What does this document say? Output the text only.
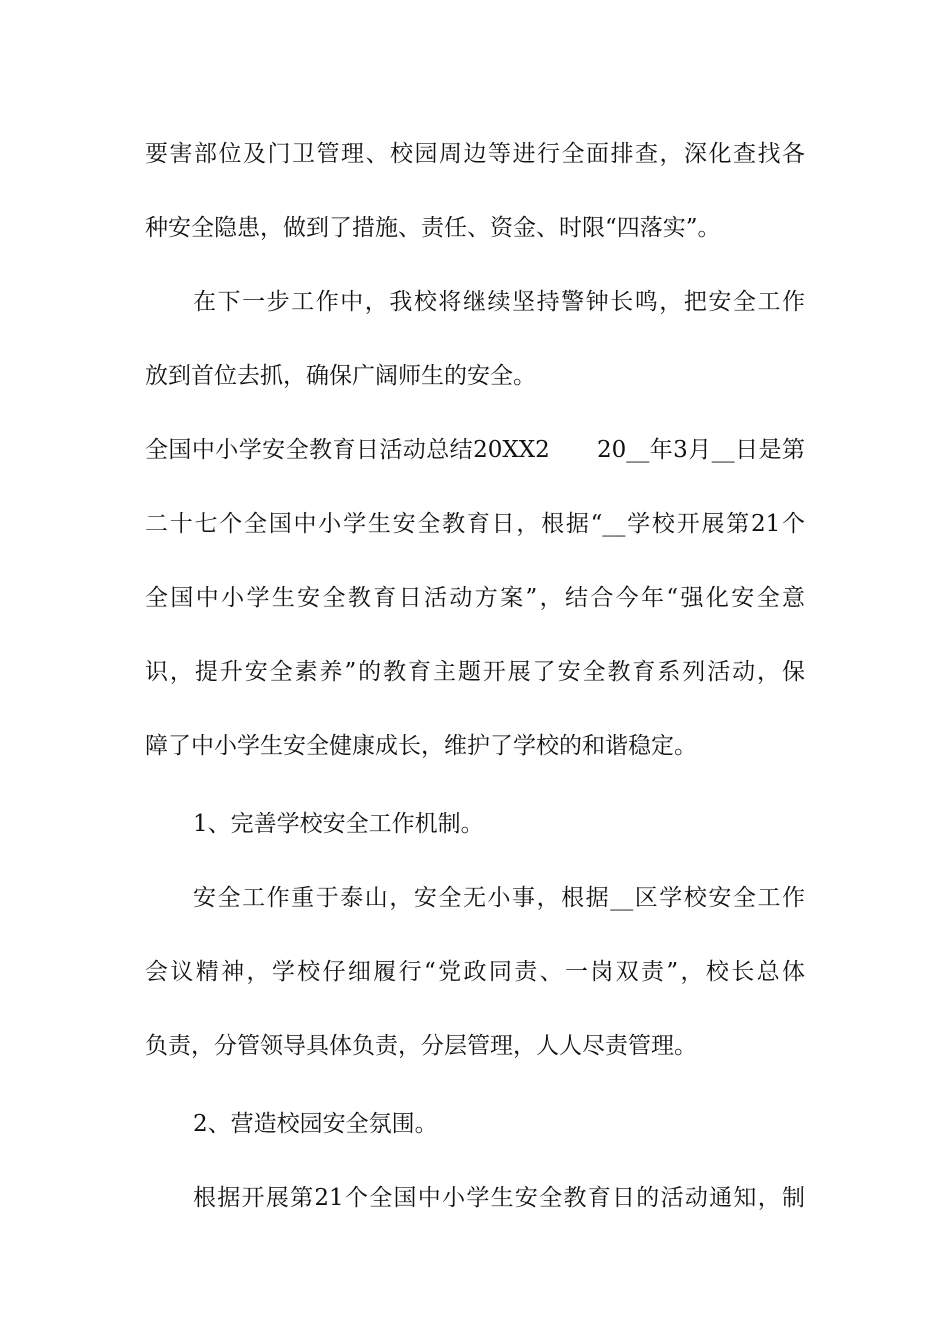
要害部位及门卫管理、校园周边等进行全面排查，深化查找各
种安全隐患，做到了措施、责任、资金、时限“四落实”。
在下一步工作中，我校将继续坚持警钟长鸣，把安全工作
放到首位去抓，确保广阔师生的安全。
全国中小学安全教育日活动总结20XX2　　20__年3月__日是第
二十七个全国中小学生安全教育日，根据“__学校开展第21个
全国中小学生安全教育日活动方案”，结合今年“强化安全意
识，提升安全素养”的教育主题开展了安全教育系列活动，保
障了中小学生安全健康成长，维护了学校的和谐稳定。
1、完善学校安全工作机制。
安全工作重于泰山，安全无小事，根据__区学校安全工作
会议精神，学校仔细履行“党政同责、一岗双责”，校长总体
负责，分管领导具体负责，分层管理，人人尽责管理。
2、营造校园安全氛围。
根据开展第21个全国中小学生安全教育日的活动通知，制
